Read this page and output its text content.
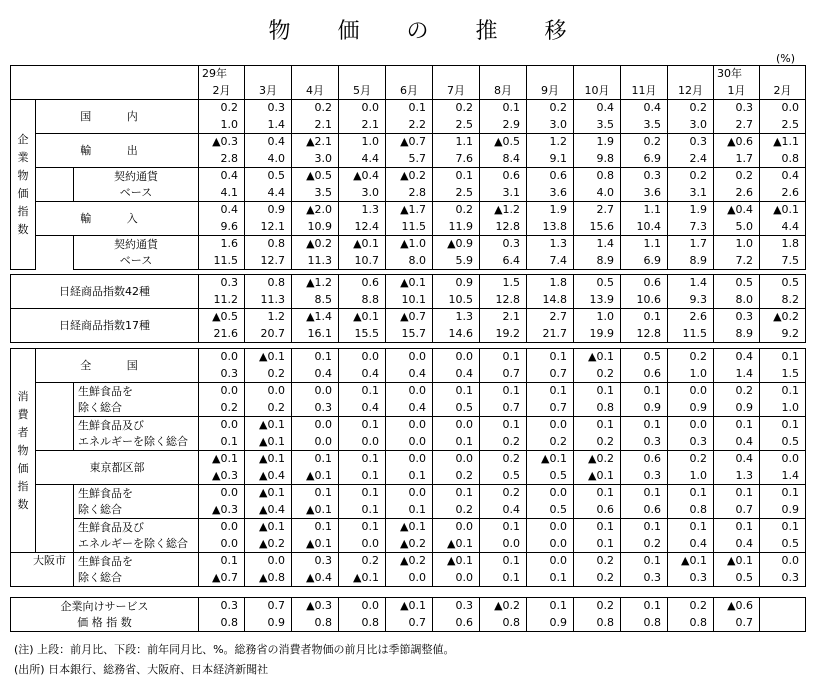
物 価 の 推 移
(%)
			29年											30年	
			2月	3月	4月	5月	6月	7月	8月	9月	10月	11月	12月	1月	2月
企業物価指数	国 内		0.2	0.3	0.2	0.0	0.1	0.2	0.1	0.2	0.4	0.4	0.2	0.3	0.0
			1.0	1.4	2.1	2.1	2.2	2.5	2.9	3.0	3.5	3.5	3.0	2.7	2.5
	輸 出		▲0.3	0.4	▲2.1	1.0	▲0.7	1.1	▲0.5	1.2	1.9	0.2	0.3	▲0.6	▲1.1
			2.8	4.0	3.0	4.4	5.7	7.6	8.4	9.1	9.8	6.9	2.4	1.7	0.8
		契約通貨
ベース	0.4	0.5	▲0.5	▲0.4	▲0.2	0.1	0.6	0.6	0.8	0.3	0.2	0.2	0.4
			4.1	4.4	3.5	3.0	2.8	2.5	3.1	3.6	4.0	3.6	3.1	2.6	2.6
	輸 入		0.4	0.9	▲2.0	1.3	▲1.7	0.2	▲1.2	1.9	2.7	1.1	1.9	▲0.4	▲0.1
			9.6	12.1	10.9	12.4	11.5	11.9	12.8	13.8	15.6	10.4	7.3	5.0	4.4
		契約通貨
ベース	1.6	0.8	▲0.2	▲0.1	▲1.0	▲0.9	0.3	1.3	1.4	1.1	1.7	1.0	1.8
			11.5	12.7	11.3	10.7	8.0	5.9	6.4	7.4	8.9	6.9	8.9	7.2	7.5
日経商品指数42種	0.3	0.8	▲1.2	0.6	▲0.1	0.9	1.5	1.8	0.5	0.6	1.4	0.5	0.5
	11.2	11.3	8.5	8.8	10.1	10.5	12.8	14.8	13.9	10.6	9.3	8.0	8.2
日経商品指数17種	▲0.5	1.2	▲1.4	▲0.1	▲0.7	1.3	2.1	2.7	1.0	0.1	2.6	0.3	▲0.2
	21.6	20.7	16.1	15.5	15.7	14.6	19.2	21.7	19.9	12.8	11.5	8.9	9.2
消費者物価指数	全 国		0.0	▲0.1	0.1	0.0	0.0	0.0	0.1	0.1	▲0.1	0.5	0.2	0.4	0.1
			0.3	0.2	0.4	0.4	0.4	0.4	0.7	0.7	0.2	0.6	1.0	1.4	1.5
		生鮮食品を
除く総合	0.0	0.0	0.0	0.1	0.0	0.1	0.1	0.1	0.1	0.1	0.0	0.2	0.1
			0.2	0.2	0.3	0.4	0.4	0.5	0.7	0.7	0.8	0.9	0.9	0.9	1.0
		生鮮食品及び
エネルギーを除く総合	0.0	▲0.1	0.0	0.1	0.0	0.0	0.1	0.0	0.1	0.1	0.0	0.1	0.1
			0.1	▲0.1	0.0	0.0	0.0	0.1	0.2	0.2	0.2	0.3	0.3	0.4	0.5
	東京都区部		▲0.1	▲0.1	0.1	0.1	0.0	0.0	0.2	▲0.1	▲0.2	0.6	0.2	0.4	0.0
			▲0.3	▲0.4	▲0.1	0.1	0.1	0.2	0.5	0.5	▲0.1	0.3	1.0	1.3	1.4
		生鮮食品を
除く総合	0.0	▲0.1	0.1	0.1	0.0	0.1	0.2	0.0	0.1	0.1	0.1	0.1	0.1
			▲0.3	▲0.4	▲0.1	0.1	0.1	0.2	0.4	0.5	0.6	0.6	0.8	0.7	0.9
		生鮮食品及び
エネルギーを除く総合	0.0	▲0.1	0.1	0.1	▲0.1	0.0	0.1	0.0	0.1	0.1	0.1	0.1	0.1
			0.0	▲0.2	▲0.1	0.0	▲0.2	▲0.1	0.0	0.0	0.1	0.2	0.4	0.4	0.5
大阪市		生鮮食品を
除く総合	0.1	0.0	0.3	0.2	▲0.2	▲0.1	0.1	0.0	0.2	0.1	▲0.1	▲0.1	0.0
			▲0.7	▲0.8	▲0.4	▲0.1	0.0	0.0	0.1	0.1	0.2	0.3	0.3	0.5	0.3
企業向けサービス
価 格 指 数	0.3	0.7	▲0.3	0.0	▲0.1	0.3	▲0.2	0.1	0.2	0.1	0.2	▲0.6	
	0.8	0.9	0.8	0.8	0.7	0.6	0.8	0.9	0.8	0.8	0.8	0.7	
(注) 上段：前月比、下段：前年同月比、%。総務省の消費者物価の前月比は季節調整値。
(出所) 日本銀行、総務省、大阪府、日本経済新聞社
